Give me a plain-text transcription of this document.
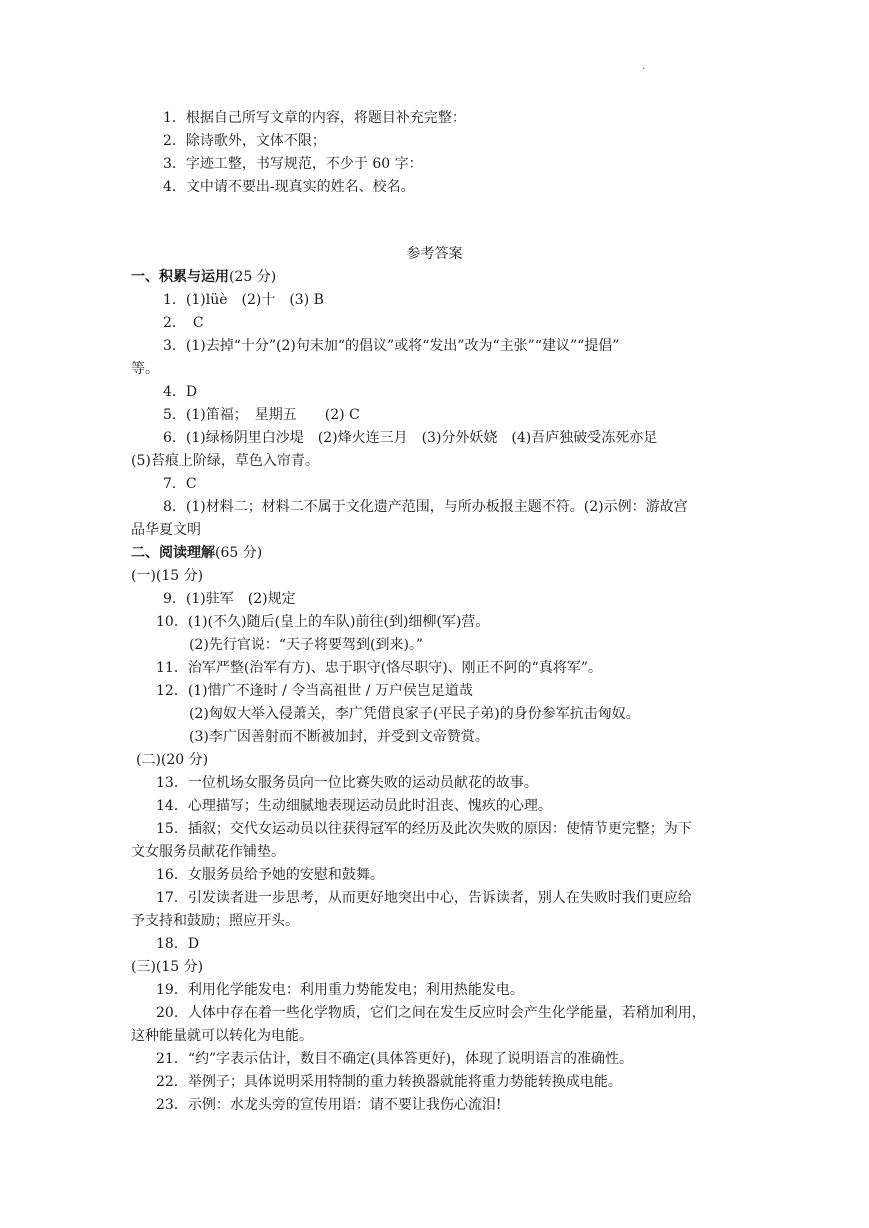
·
1．根据自己所写文章的内容，将题目补充完整：
2．除诗歌外，文体不限；
3．字迹工整，书写规范，不少于 60 字：
4．文中请不要出-现真实的姓名、校名。
参考答案
一、积累与运用(25 分)
1．(1)lüè　(2)十　(3) B
2．　C
3．(1)去掉“十分”(2)句末加“的倡议”或将“发出”改为“主张”“建议”“提倡”
等。
4．D
5．(1)笛福；　星期五　　(2) C
6．(1)绿杨阴里白沙堤　(2)烽火连三月　(3)分外妖娆　(4)吾庐独破受冻死亦足
(5)苔痕上阶绿，草色入帘青。
7．C
8．(1)材料二；材料二不属于文化遗产范围，与所办板报主题不符。(2)示例：游故宫
品华夏文明
二、阅读理解(65 分)
(一)(15 分)
9．(1)驻军　(2)规定
10．(1)(不久)随后(皇上的车队)前往(到)细柳(军)营。
(2)先行官说：“天子将要驾到(到来)。”
11．治军严整(治军有方)、忠于职守(恪尽职守)、刚正不阿的“真将军”。
12．(1)惜广不逢时 / 令当高祖世 / 万户侯岂足道哉
(2)匈奴大举入侵萧关，李广凭借良家子(平民子弟)的身份参军抗击匈奴。
(3)李广因善射而不断被加封，并受到文帝赞赏。
(二)(20 分)
13．一位机场女服务员向一位比赛失败的运动员献花的故事。
14．心理描写；生动细腻地表现运动员此时沮丧、愧疚的心理。
15．插叙；交代女运动员以往获得冠军的经历及此次失败的原因：使情节更完整；为下
文女服务员献花作铺垫。
16．女服务员给予她的安慰和鼓舞。
17．引发读者进一步思考，从而更好地突出中心，告诉读者，别人在失败时我们更应给
予支持和鼓励；照应开头。
18．D
(三)(15 分)
19．利用化学能发电：利用重力势能发电；利用热能发电。
20．人体中存在着一些化学物质，它们之间在发生反应时会产生化学能量，若稍加利用，
这种能量就可以转化为电能。
21．“约”字表示估计，数目不确定(具体答更好)，体现了说明语言的准确性。
22．举例子；具体说明采用特制的重力转换器就能将重力势能转换成电能。
23．示例：水龙头旁的宣传用语：请不要让我伤心流泪!
